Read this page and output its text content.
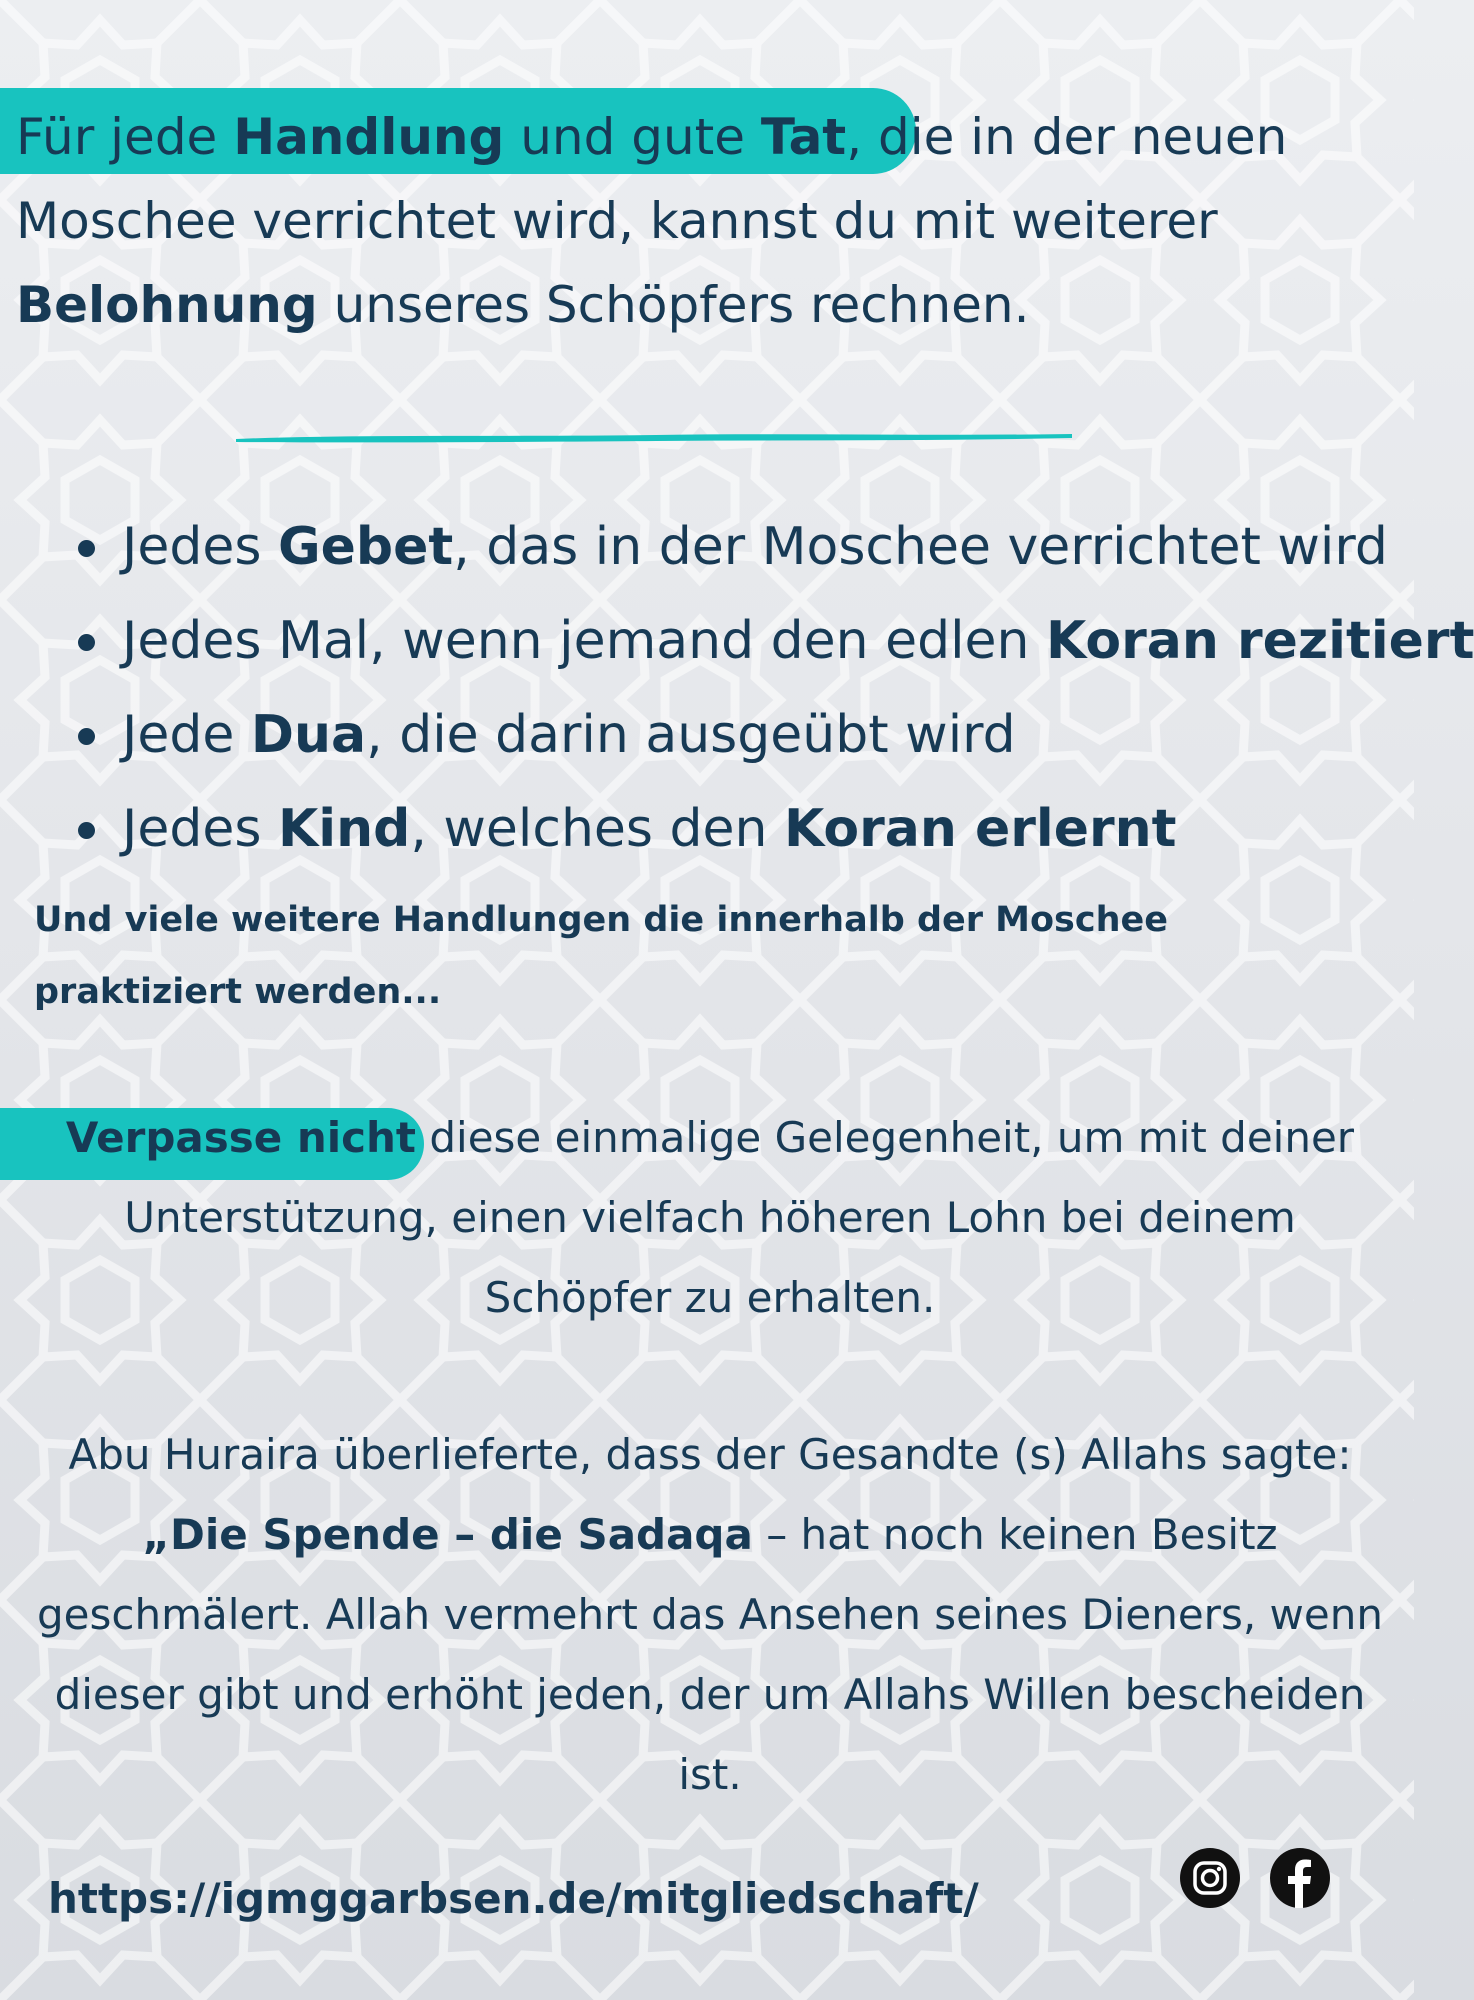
Für jede Handlung und gute Tat, die in der neuen Moschee verrichtet wird, kannst du mit weiterer Belohnung unseres Schöpfers rechnen.
Jedes Gebet, das in der Moschee verrichtet wird
Jedes Mal, wenn jemand den edlen Koran rezitiert
Jede Dua, die darin ausgeübt wird
Jedes Kind, welches den Koran erlernt
Und viele weitere Handlungen die innerhalb der Moschee praktiziert werden...
Verpasse nicht diese einmalige Gelegenheit, um mit deiner Unterstützung, einen vielfach höheren Lohn bei deinem Schöpfer zu erhalten.
Abu Huraira überlieferte, dass der Gesandte (s) Allahs sagte:
„Die Spende – die Sadaqa – hat noch keinen Besitz geschmälert. Allah vermehrt das Ansehen seines Dieners, wenn dieser gibt und erhöht jeden, der um Allahs Willen bescheiden ist.
https://igmggarbsen.de/mitgliedschaft/
